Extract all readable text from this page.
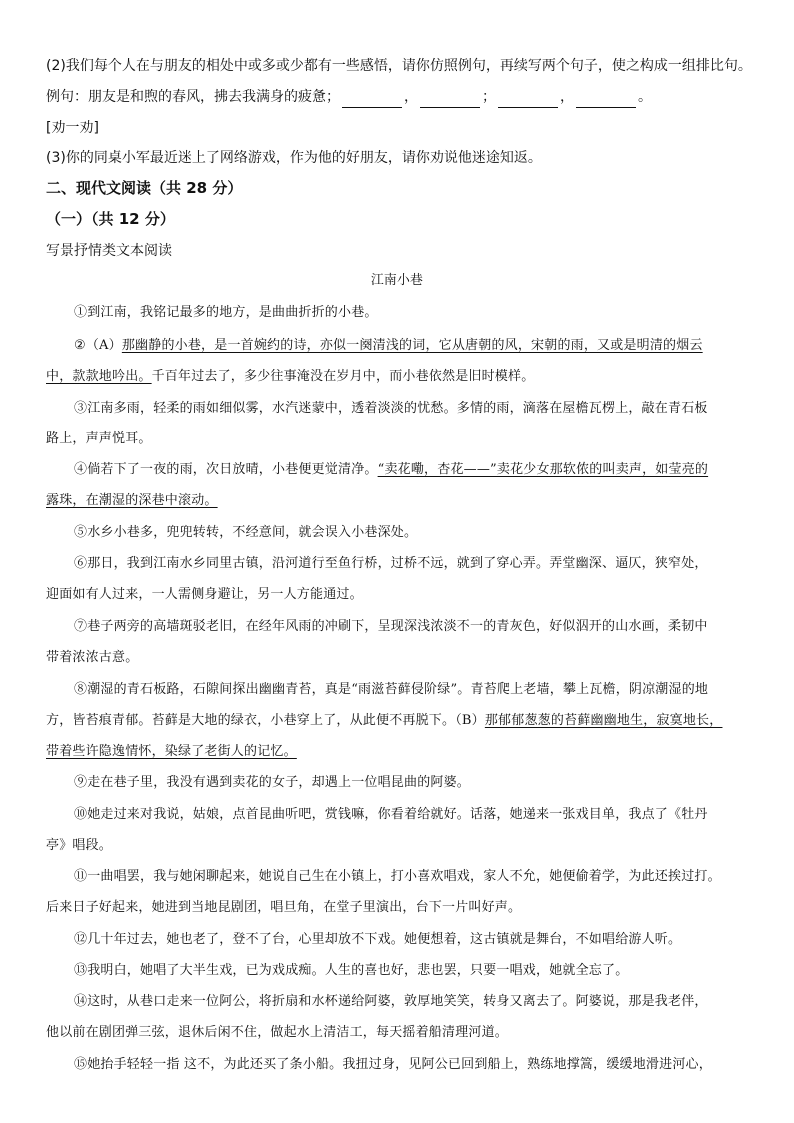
(2)我们每个人在与朋友的相处中或多或少都有一些感悟，请你仿照例句，再续写两个句子，使之构成一组排比句。
例句：朋友是和煦的春风，拂去我满身的疲惫；	，	；	，	。
[劝一劝]
(3)你的同桌小军最近迷上了网络游戏，作为他的好朋友，请你劝说他迷途知返。
二、现代文阅读（共 28 分）
（一）（共 12 分）
写景抒情类文本阅读
江南小巷
①到江南，我铭记最多的地方，是曲曲折折的小巷。
②（A）那幽静的小巷，是一首婉约的诗，亦似一阕清浅的词，它从唐朝的风，宋朝的雨，又或是明清的烟云
中，款款地吟出。千百年过去了，多少往事淹没在岁月中，而小巷依然是旧时模样。
③江南多雨，轻柔的雨如细似雾，水汽迷蒙中，透着淡淡的忧愁。多情的雨，滴落在屋檐瓦楞上，敲在青石板
路上，声声悦耳。
④倘若下了一夜的雨，次日放晴，小巷便更觉清净。“卖花嘞，杏花——”卖花少女那软侬的叫卖声，如莹亮的
露珠，在潮湿的深巷中滚动。
⑤水乡小巷多，兜兜转转，不经意间，就会误入小巷深处。
⑥那日，我到江南水乡同里古镇，沿河道行至鱼行桥，过桥不远，就到了穿心弄。弄堂幽深、逼仄，狭窄处，
迎面如有人过来，一人需侧身避让，另一人方能通过。
⑦巷子两旁的高墙斑驳老旧，在经年风雨的冲刷下，呈现深浅浓淡不一的青灰色，好似泅开的山水画，柔韧中
带着浓浓古意。
⑧潮湿的青石板路，石隙间探出幽幽青苔，真是“雨滋苔藓侵阶绿”。青苔爬上老墙，攀上瓦檐，阴凉潮湿的地
方，皆苔痕青郁。苔藓是大地的绿衣，小巷穿上了，从此便不再脱下。（B）那郁郁葱葱的苔藓幽幽地生，寂寞地长，
带着些许隐逸情怀，染绿了老街人的记忆。
⑨走在巷子里，我没有遇到卖花的女子，却遇上一位唱昆曲的阿婆。
⑩她走过来对我说，姑娘，点首昆曲听吧，赏钱嘛，你看着给就好。话落，她递来一张戏目单，我点了《牡丹
亭》唱段。
⑪一曲唱罢，我与她闲聊起来，她说自己生在小镇上，打小喜欢唱戏，家人不允，她便偷着学，为此还挨过打。
后来日子好起来，她进到当地昆剧团，唱旦角，在堂子里演出，台下一片叫好声。
⑫几十年过去，她也老了，登不了台，心里却放不下戏。她便想着，这古镇就是舞台，不如唱给游人听。
⑬我明白，她唱了大半生戏，已为戏成痴。人生的喜也好，悲也罢，只要一唱戏，她就全忘了。
⑭这时，从巷口走来一位阿公，将折扇和水杯递给阿婆，敦厚地笑笑，转身又离去了。阿婆说，那是我老伴，
他以前在剧团弹三弦，退休后闲不住，做起水上清洁工，每天摇着船清理河道。
⑮她抬手轻轻一指 这不，为此还买了条小船。我扭过身，见阿公已回到船上，熟练地撑篙，缓缓地滑进河心，
